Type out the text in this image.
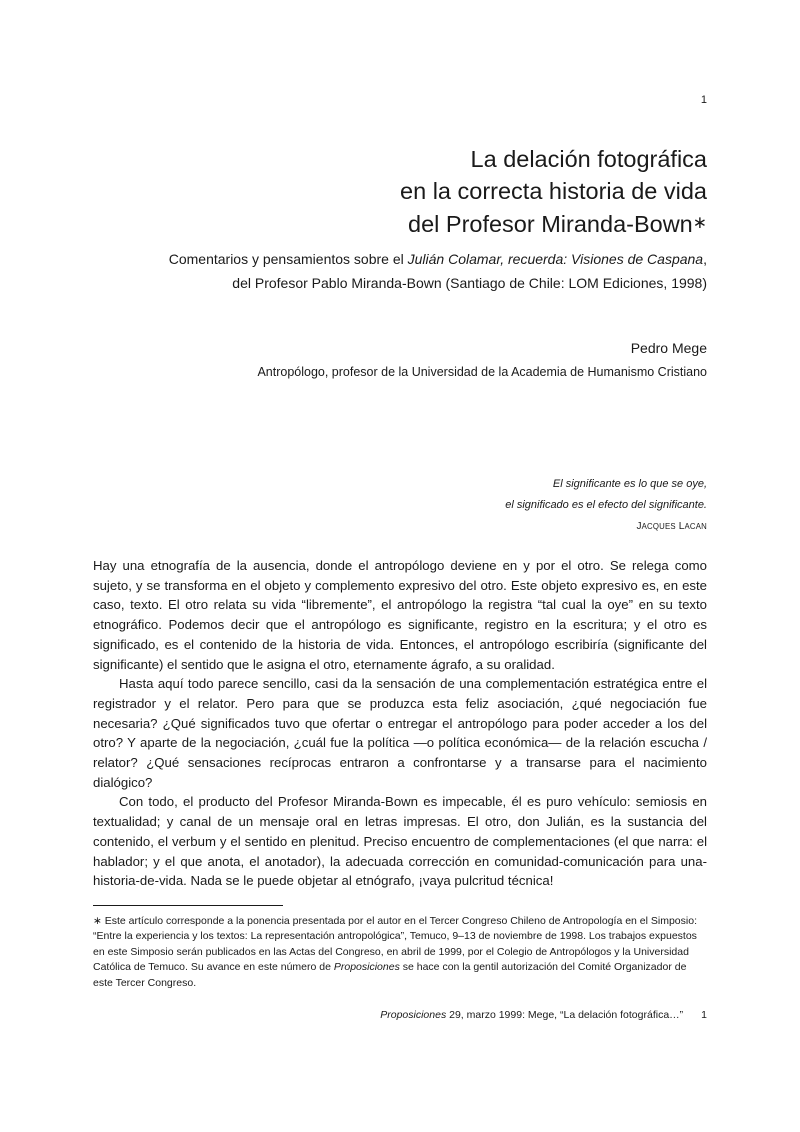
1
La delación fotográfica
en la correcta historia de vida
del Profesor Miranda-Bown∗
Comentarios y pensamientos sobre el Julián Colamar, recuerda: Visiones de Caspana,
del Profesor Pablo Miranda-Bown (Santiago de Chile: LOM Ediciones, 1998)
Pedro Mege
Antropólogo, profesor de la Universidad de la Academia de Humanismo Cristiano
El significante es lo que se oye,
el significado es el efecto del significante.
JACQUES LACAN

Hay una etnografía de la ausencia, donde el antropólogo deviene en y por el otro. Se relega como sujeto, y se transforma en el objeto y complemento expresivo del otro. Este objeto expresivo es, en este caso, texto. El otro relata su vida “libremente”, el antropólogo la registra “tal cual la oye” en su texto etnográfico. Podemos decir que el antropólogo es significante, registro en la escritura; y el otro es significado, es el contenido de la historia de vida. Entonces, el antropólogo escribiría (significante del significante) el sentido que le asigna el otro, eternamente ágrafo, a su oralidad.

Hasta aquí todo parece sencillo, casi da la sensación de una complementación estratégica entre el registrador y el relator. Pero para que se produzca esta feliz asociación, ¿qué negociación fue necesaria? ¿Qué significados tuvo que ofertar o entregar el antropólogo para poder acceder a los del otro? Y aparte de la negociación, ¿cuál fue la política —o política económica— de la relación escucha / relator? ¿Qué sensaciones recíprocas entraron a confrontarse y a transarse para el nacimiento dialógico?

Con todo, el producto del Profesor Miranda-Bown es impecable, él es puro vehículo: semiosis en textualidad; y canal de un mensaje oral en letras impresas. El otro, don Julián, es la sustancia del contenido, el verbum y el sentido en plenitud. Preciso encuentro de complementaciones (el que narra: el hablador; y el que anota, el anotador), la adecuada corrección en comunidad-comunicación para una-historia-de-vida. Nada se le puede objetar al etnógrafo, ¡vaya pulcritud técnica!

∗ Este artículo corresponde a la ponencia presentada por el autor en el Tercer Congreso Chileno de Antropología en el Simposio: “Entre la experiencia y los textos: La representación antropológica”, Temuco, 9–13 de noviembre de 1998. Los trabajos expuestos en este Simposio serán publicados en las Actas del Congreso, en abril de 1999, por el Colegio de Antropólogos y la Universidad Católica de Temuco. Su avance en este número de Proposiciones se hace con la gentil autorización del Comité Organizador de este Tercer Congreso.

Proposiciones 29, marzo 1999: Mege, “La delación fotográfica…” 1
